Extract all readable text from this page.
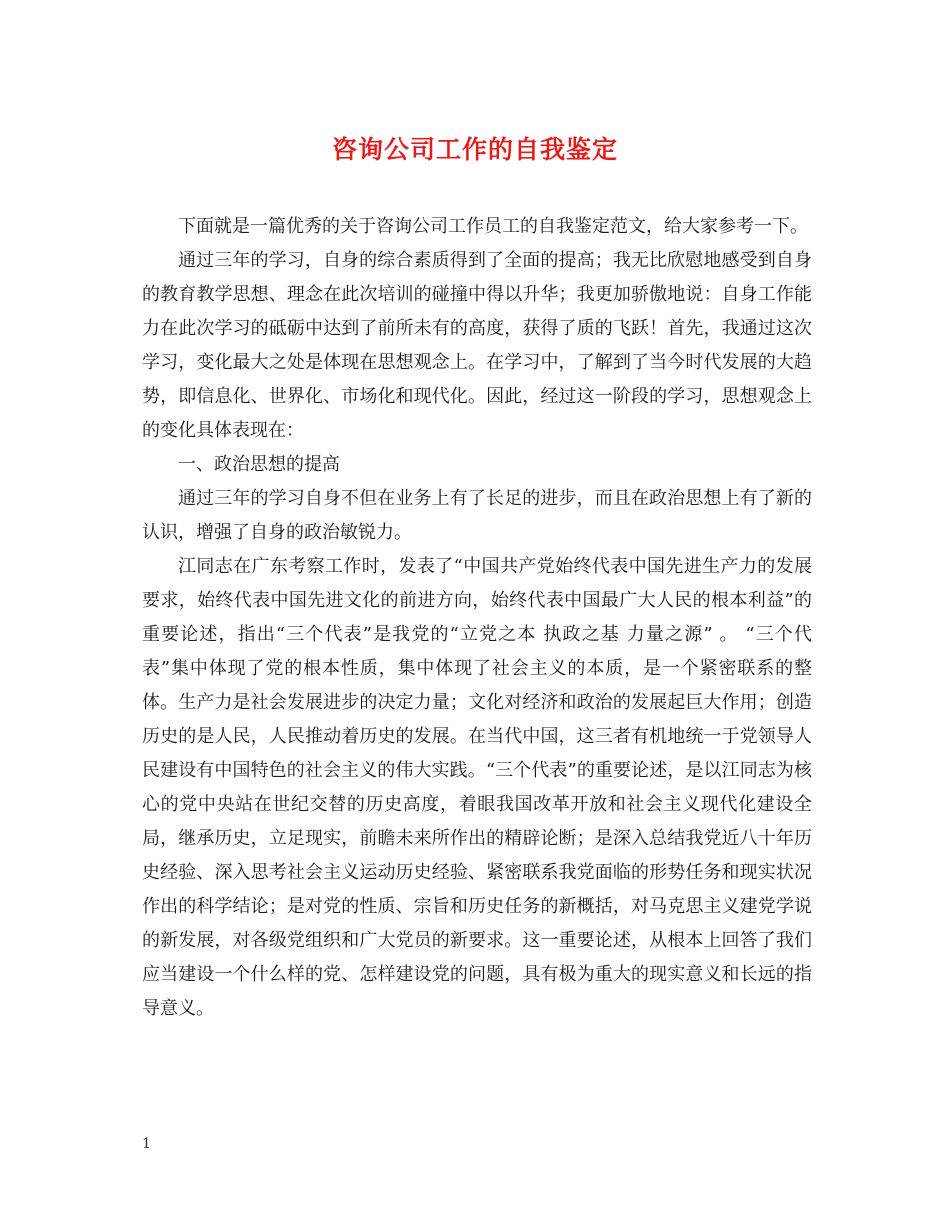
咨询公司工作的自我鉴定

下面就是一篇优秀的关于咨询公司工作员工的自我鉴定范文，给大家参考一下。

通过三年的学习，自身的综合素质得到了全面的提高；我无比欣慰地感受到自身的教育教学思想、理念在此次培训的碰撞中得以升华；我更加骄傲地说：自身工作能力在此次学习的砥砺中达到了前所未有的高度，获得了质的飞跃！首先，我通过这次学习，变化最大之处是体现在思想观念上。在学习中，了解到了当今时代发展的大趋势，即信息化、世界化、市场化和现代化。因此，经过这一阶段的学习，思想观念上的变化具体表现在：

一、政治思想的提高

通过三年的学习自身不但在业务上有了长足的进步，而且在政治思想上有了新的认识，增强了自身的政治敏锐力。

江同志在广东考察工作时，发表了“中国共产党始终代表中国先进生产力的发展要求，始终代表中国先进文化的前进方向，始终代表中国最广大人民的根本利益”的重要论述，指出“三个代表”是我党的“立党之本 执政之基 力量之源” 。 “三个代表”集中体现了党的根本性质，集中体现了社会主义的本质，是一个紧密联系的整体。生产力是社会发展进步的决定力量；文化对经济和政治的发展起巨大作用；创造历史的是人民，人民推动着历史的发展。在当代中国，这三者有机地统一于党领导人民建设有中国特色的社会主义的伟大实践。“三个代表”的重要论述，是以江同志为核心的党中央站在世纪交替的历史高度，着眼我国改革开放和社会主义现代化建设全局，继承历史，立足现实，前瞻未来所作出的精辟论断；是深入总结我党近八十年历史经验、深入思考社会主义运动历史经验、紧密联系我党面临的形势任务和现实状况作出的科学结论；是对党的性质、宗旨和历史任务的新概括，对马克思主义建党学说的新发展，对各级党组织和广大党员的新要求。这一重要论述，从根本上回答了我们应当建设一个什么样的党、怎样建设党的问题，具有极为重大的现实意义和长远的指导意义。

1
